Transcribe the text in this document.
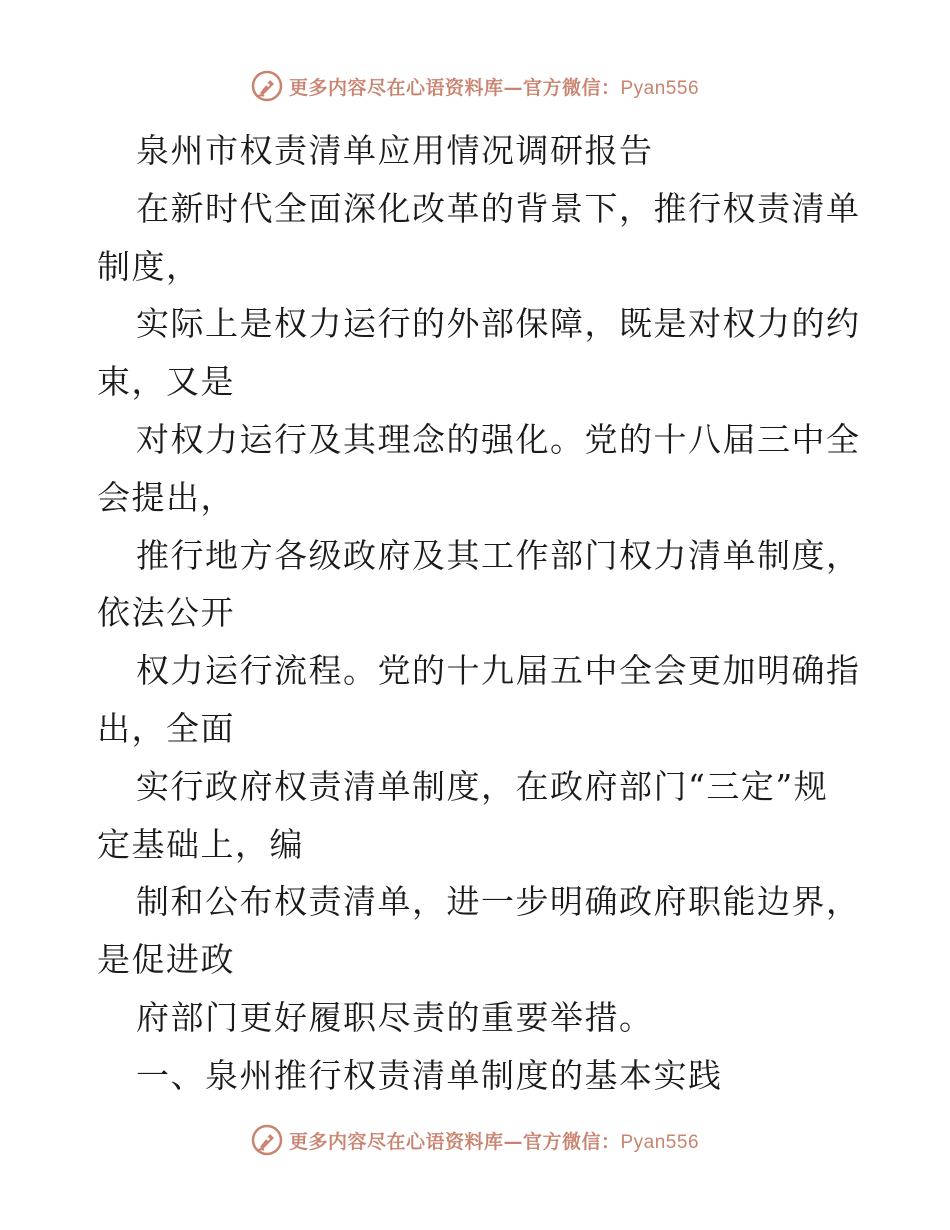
更多内容尽在心语资料库—官方微信：Pyan556
泉州市权责清单应用情况调研报告
在新时代全面深化改革的背景下，推行权责清单
制度，
实际上是权力运行的外部保障，既是对权力的约
束，又是
对权力运行及其理念的强化。党的十八届三中全
会提出，
推行地方各级政府及其工作部门权力清单制度，
依法公开
权力运行流程。党的十九届五中全会更加明确指
出，全面
实行政府权责清单制度，在政府部门“三定”规
定基础上，编
制和公布权责清单，进一步明确政府职能边界，
是促进政
府部门更好履职尽责的重要举措。
一、泉州推行权责清单制度的基本实践
更多内容尽在心语资料库—官方微信：Pyan556
